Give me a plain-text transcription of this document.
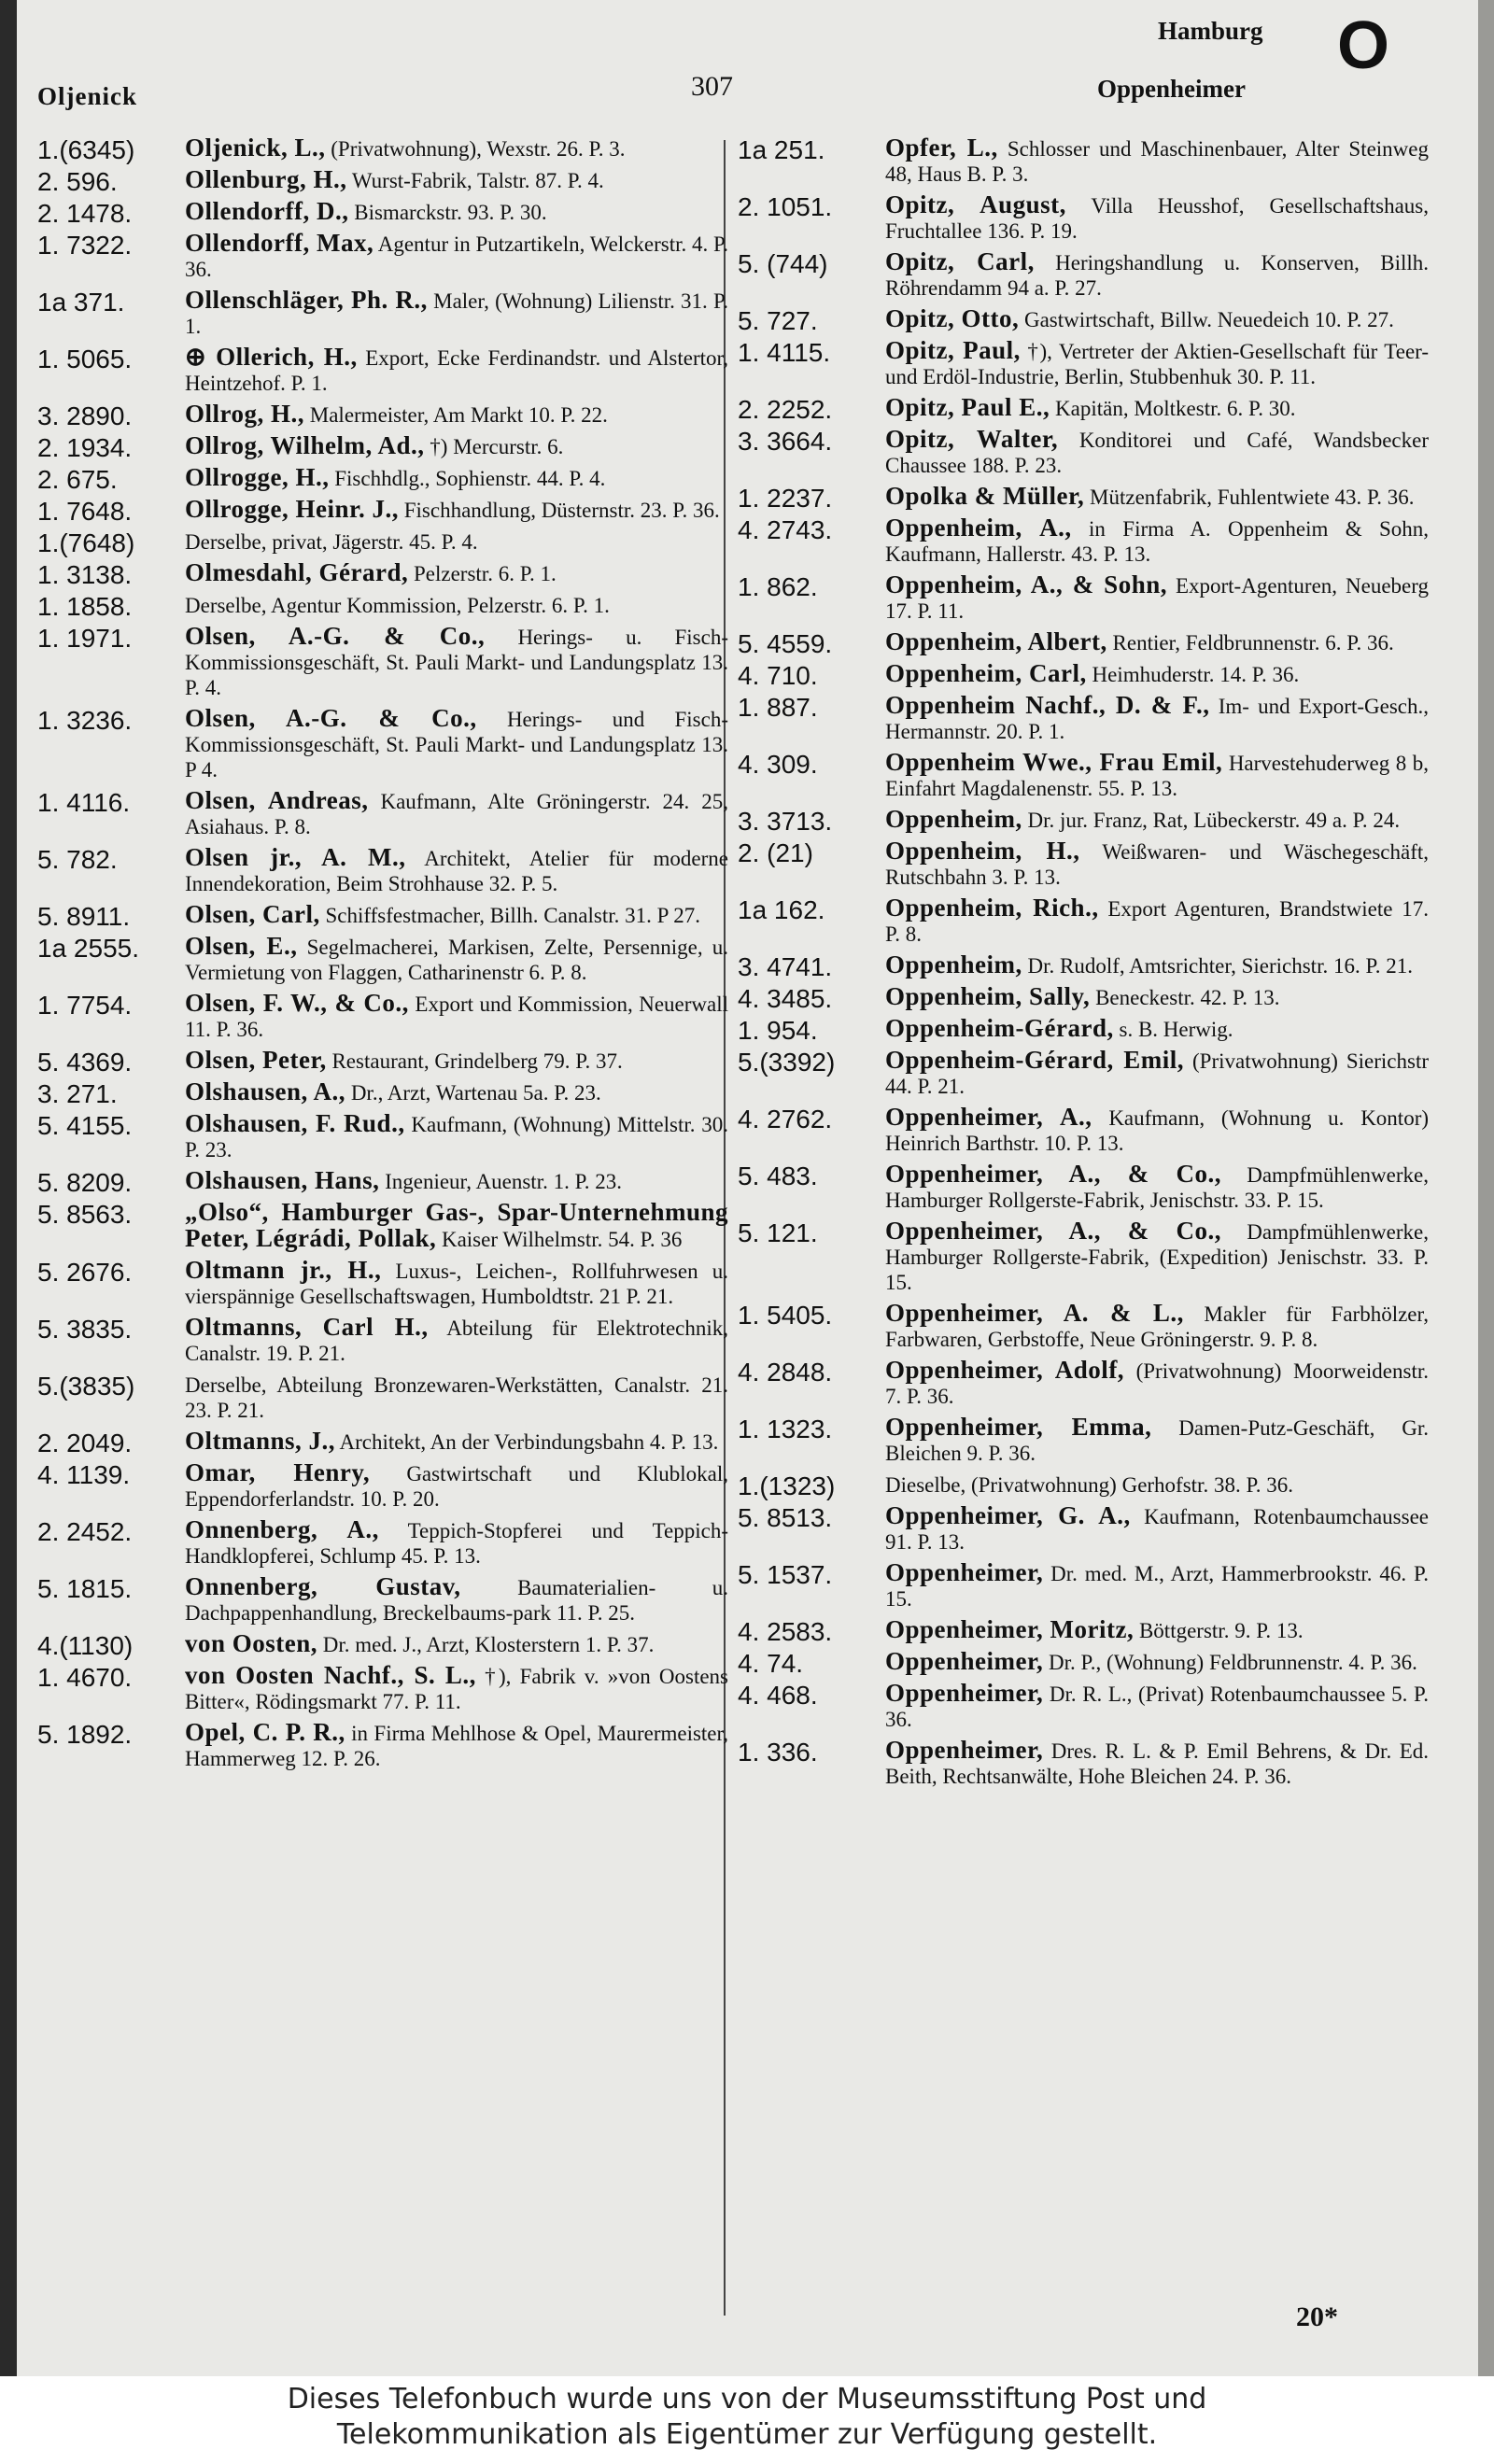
Oljenick	307
Hamburg
Oppenheimer
O
1.(6345)	Oljenick, L., (Privatwohnung), Wexstr. 26. P. 3.
2. 596.	Ollenburg, H., Wurst-Fabrik, Talstr. 87. P. 4.
2. 1478.	Ollendorff, D., Bismarckstr. 93. P. 30.
1. 7322.	Ollendorff, Max, Agentur in Putzartikeln, Welckerstr. 4. P. 36.
1a 371.	Ollenschläger, Ph. R., Maler, (Wohnung) Lilienstr. 31. P. 1.
1. 5065.	⊕ Ollerich, H., Export, Ecke Ferdinandstr. und Alstertor, Heintzehof. P. 1.
3. 2890.	Ollrog, H., Malermeister, Am Markt 10. P. 22.
2. 1934.	Ollrog, Wilhelm, Ad., †) Mercurstr. 6.
2. 675.	Ollrogge, H., Fischhdlg., Sophienstr. 44. P. 4.
1. 7648.	Ollrogge, Heinr. J., Fischhandlung, Düsternstr. 23. P. 36.
1.(7648)	Derselbe, privat, Jägerstr. 45. P. 4.
1. 3138.	Olmesdahl, Gérard, Pelzerstr. 6. P. 1.
1. 1858.	Derselbe, Agentur Kommission, Pelzerstr. 6. P. 1.
1. 1971.	Olsen, A.-G. & Co., Herings- u. Fisch-Kommissionsgeschäft, St. Pauli Markt- und Landungsplatz 13. P. 4.
1. 3236.	Olsen, A.-G. & Co., Herings- und Fisch-Kommissionsgeschäft, St. Pauli Markt- und Landungsplatz 13. P 4.
1. 4116.	Olsen, Andreas, Kaufmann, Alte Gröningerstr. 24. 25, Asiahaus. P. 8.
5. 782.	Olsen jr., A. M., Architekt, Atelier für moderne Innendekoration, Beim Strohhause 32. P. 5.
5. 8911.	Olsen, Carl, Schiffsfestmacher, Billh. Canalstr. 31. P 27.
1a 2555.	Olsen, E., Segelmacherei, Markisen, Zelte, Persennige, u. Vermietung von Flaggen, Catharinenstr 6. P. 8.
1. 7754.	Olsen, F. W., & Co., Export und Kommission, Neuerwall 11. P. 36.
5. 4369.	Olsen, Peter, Restaurant, Grindelberg 79. P. 37.
3. 271.	Olshausen, A., Dr., Arzt, Wartenau 5a. P. 23.
5. 4155.	Olshausen, F. Rud., Kaufmann, (Wohnung) Mittelstr. 30. P. 23.
5. 8209.	Olshausen, Hans, Ingenieur, Auenstr. 1. P. 23.
5. 8563.	„Olso“, Hamburger Gas-, Spar-Unternehmung Peter, Légrádi, Pollak, Kaiser Wilhelmstr. 54. P. 36
5. 2676.	Oltmann jr., H., Luxus-, Leichen-, Rollfuhrwesen u. vierspännige Gesellschaftswagen, Humboldtstr. 21 P. 21.
5. 3835.	Oltmanns, Carl H., Abteilung für Elektrotechnik, Canalstr. 19. P. 21.
5.(3835)	Derselbe, Abteilung Bronzewaren-Werkstätten, Canalstr. 21. 23. P. 21.
2. 2049.	Oltmanns, J., Architekt, An der Verbindungsbahn 4. P. 13.
4. 1139.	Omar, Henry, Gastwirtschaft und Klublokal, Eppendorferlandstr. 10. P. 20.
2. 2452.	Onnenberg, A., Teppich-Stopferei und Teppich-Handklopferei, Schlump 45. P. 13.
5. 1815.	Onnenberg, Gustav,	Baumaterialien- u. Dachpappenhandlung, Breckelbaums-park 11. P. 25.
4.(1130)	von Oosten, Dr. med. J., Arzt, Klosterstern 1. P. 37.
1. 4670.	von Oosten Nachf., S. L., †), Fabrik v. »von Oostens Bitter«, Rödingsmarkt 77. P. 11.
5. 1892.	Opel, C. P. R., in Firma Mehlhose & Opel, Maurermeister, Hammerweg 12. P. 26.
1a 251.	Opfer, L., Schlosser und Maschinenbauer, Alter Steinweg 48, Haus B. P. 3.
2. 1051.	Opitz, August, Villa Heusshof, Gesellschaftshaus, Fruchtallee 136. P. 19.
5. (744)	Opitz, Carl, Heringshandlung u. Konserven, Billh. Röhrendamm 94 a. P. 27.
5. 727.	Opitz, Otto, Gastwirtschaft, Billw. Neuedeich 10. P. 27.
1. 4115.	Opitz, Paul, †), Vertreter der Aktien-Gesellschaft für Teer- und Erdöl-Industrie, Berlin, Stubbenhuk 30. P. 11.
2. 2252.	Opitz, Paul E., Kapitän, Moltkestr. 6. P. 30.
3. 3664.	Opitz, Walter, Konditorei und Café, Wandsbecker Chaussee 188. P. 23.
1. 2237.	Opolka & Müller, Mützenfabrik, Fuhlentwiete 43. P. 36.
4. 2743.	Oppenheim, A., in Firma A. Oppenheim & Sohn, Kaufmann, Hallerstr. 43. P. 13.
1. 862.	Oppenheim, A., & Sohn, Export-Agenturen, Neueberg 17. P. 11.
5. 4559.	Oppenheim, Albert, Rentier, Feldbrunnenstr. 6. P. 36.
4. 710.	Oppenheim, Carl, Heimhuderstr. 14. P. 36.
1. 887.	Oppenheim Nachf., D. & F., Im- und Export-Gesch., Hermannstr. 20. P. 1.
4. 309.	Oppenheim Wwe., Frau Emil, Harvestehuderweg 8 b, Einfahrt Magdalenenstr. 55. P. 13.
3. 3713.	Oppenheim, Dr. jur. Franz, Rat, Lübeckerstr. 49 a. P. 24.
2. (21)	Oppenheim, H., Weißwaren- und Wäschegeschäft, Rutschbahn 3. P. 13.
1a 162.	Oppenheim, Rich., Export Agenturen, Brandstwiete 17. P. 8.
3. 4741.	Oppenheim, Dr. Rudolf, Amtsrichter, Sierichstr. 16. P. 21.
4. 3485.	Oppenheim, Sally, Beneckestr. 42. P. 13.
1. 954.	Oppenheim-Gérard, s. B. Herwig.
5.(3392)	Oppenheim-Gérard, Emil, (Privatwohnung) Sierichstr 44. P. 21.
4. 2762.	Oppenheimer, A., Kaufmann, (Wohnung u. Kontor) Heinrich Barthstr. 10. P. 13.
5. 483.	Oppenheimer, A., & Co., Dampfmühlenwerke, Hamburger Rollgerste-Fabrik, Jenischstr. 33. P. 15.
5. 121.	Oppenheimer, A., & Co., Dampfmühlenwerke, Hamburger Rollgerste-Fabrik, (Expedition) Jenischstr. 33. P. 15.
1. 5405.	Oppenheimer, A. & L., Makler für Farbhölzer, Farbwaren, Gerbstoffe, Neue Gröningerstr. 9. P. 8.
4. 2848.	Oppenheimer, Adolf, (Privatwohnung) Moorweidenstr. 7. P. 36.
1. 1323.	Oppenheimer, Emma, Damen-Putz-Geschäft, Gr. Bleichen 9. P. 36.
1.(1323)	Dieselbe, (Privatwohnung) Gerhofstr. 38. P. 36.
5. 8513.	Oppenheimer, G. A., Kaufmann, Rotenbaumchaussee 91. P. 13.
5. 1537.	Oppenheimer, Dr. med. M., Arzt, Hammerbrookstr. 46. P. 15.
4. 2583.	Oppenheimer, Moritz, Böttgerstr. 9. P. 13.
4. 74.	Oppenheimer, Dr. P., (Wohnung) Feldbrunnenstr. 4. P. 36.
4. 468.	Oppenheimer, Dr. R. L., (Privat) Rotenbaumchaussee 5. P. 36.
1. 336.	Oppenheimer, Dres. R. L. & P. Emil Behrens, & Dr. Ed. Beith, Rechtsanwälte, Hohe Bleichen 24. P. 36.
20*
Dieses Telefonbuch wurde uns von der Museumsstiftung Post und
Telekommunikation als Eigentümer zur Verfügung gestellt.
